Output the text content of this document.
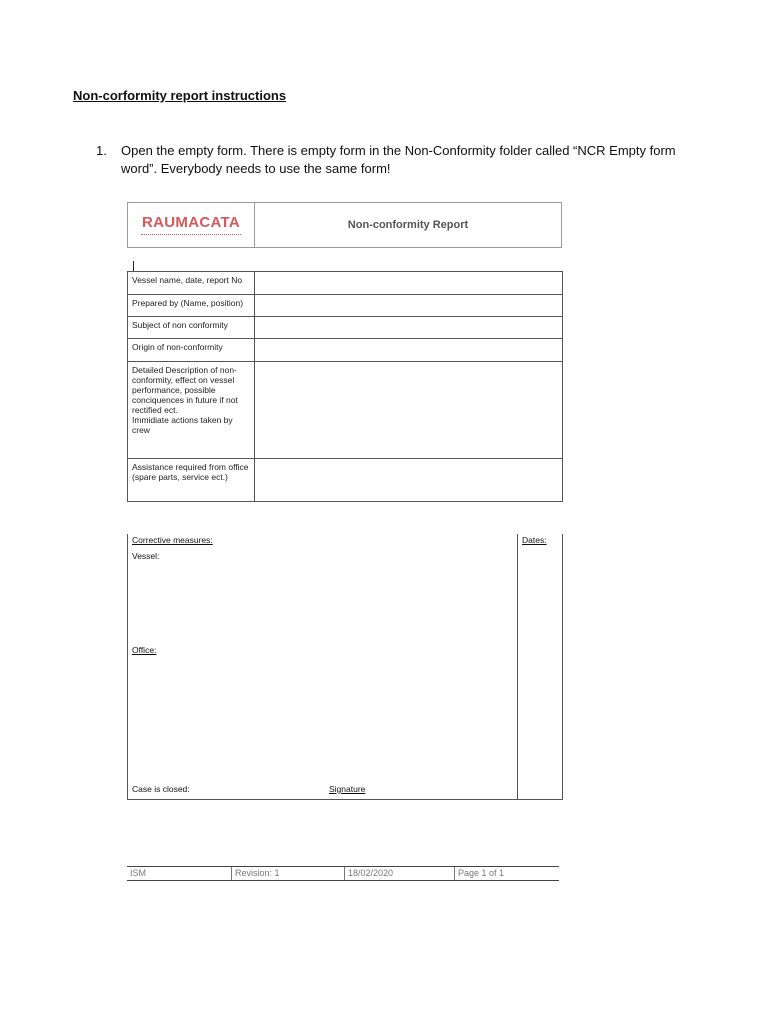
Non-corformity report instructions
1. Open the empty form. There is empty form in the Non-Conformity folder called “NCR Empty form word”. Everybody needs to use the same form!
RAUMACATA	Non-conformity Report
Vessel name, date, report No	
Prepared by (Name, position)	
Subject of non conformity	
Origin of non-conformity	

Detailed Description of non-conformity, effect on vessel performance, possible conciquences in future if not rectified ect.
Immidiate actions taken by crew	

Assistance required from office (spare parts, service ect.)	
Corrective measures:	Dates:
Vessel:
Office:
Case is closed:	Signature
ISM	Revision: 1	18/02/2020	Page 1 of 1
